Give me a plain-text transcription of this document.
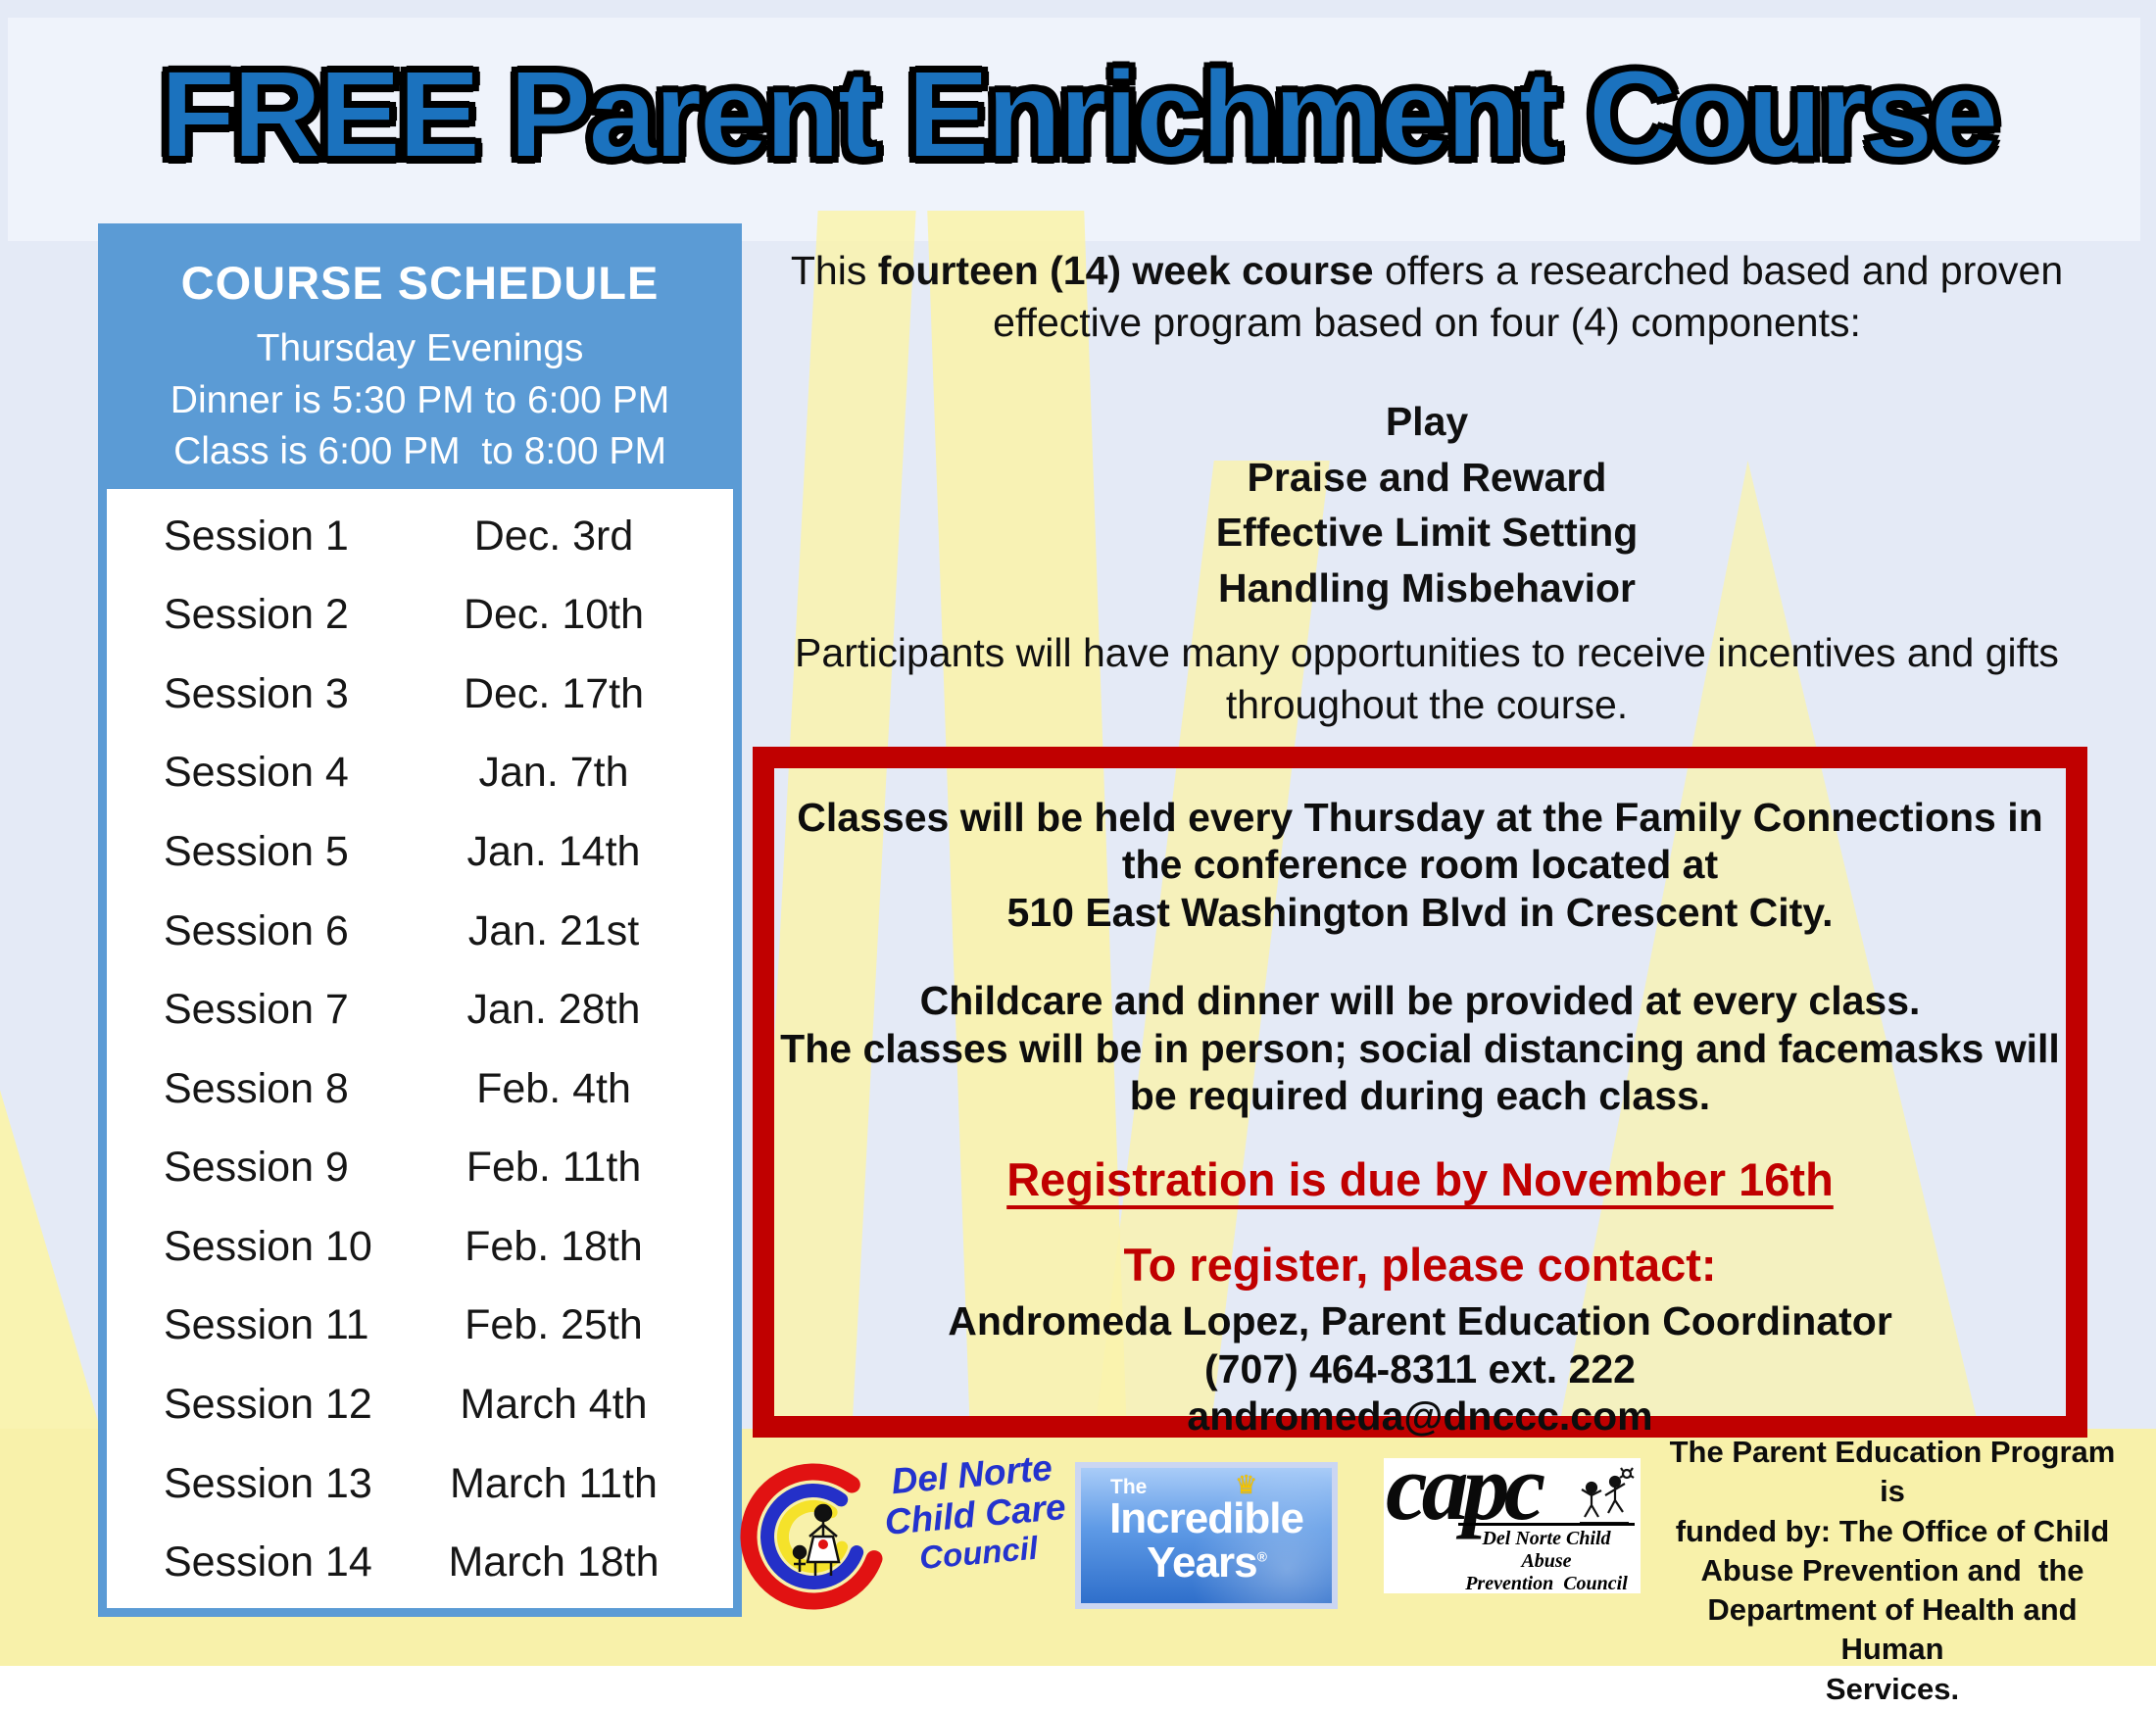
FREE Parent Enrichment Course
COURSE SCHEDULE
Thursday Evenings
Dinner is 5:30 PM to 6:00 PM
Class is 6:00 PM  to 8:00 PM
Session 1	Dec. 3rd
Session 2	Dec. 10th
Session 3	Dec. 17th
Session 4	Jan. 7th
Session 5	Jan. 14th
Session 6	Jan. 21st
Session 7	Jan. 28th
Session 8	Feb. 4th
Session 9	Feb. 11th
Session 10	Feb. 18th
Session 11	Feb. 25th
Session 12	March 4th
Session 13	March 11th
Session 14	March 18th
This fourteen (14) week course offers a researched based and proven effective program based on four (4) components:
Play
Praise and Reward
Effective Limit Setting
Handling Misbehavior
Participants will have many opportunities to receive incentives and gifts throughout the course.
Classes will be held every Thursday at the Family Connections in
the conference room located at
510 East Washington Blvd in Crescent City.
Childcare and dinner will be provided at every class.
The classes will be in person; social distancing and facemasks will
be required during each class.
Registration is due by November 16th
To register, please contact:
Andromeda Lopez, Parent Education Coordinator
(707) 464-8311 ext. 222
andromeda@dnccc.com
Del Norte
Child Care
Council
The	♛
Incredible
Years®
capc
Del Norte Child Abuse
Prevention  Council
The Parent Education Program is
funded by: The Office of Child
Abuse Prevention and  the
Department of Health and Human
Services.
